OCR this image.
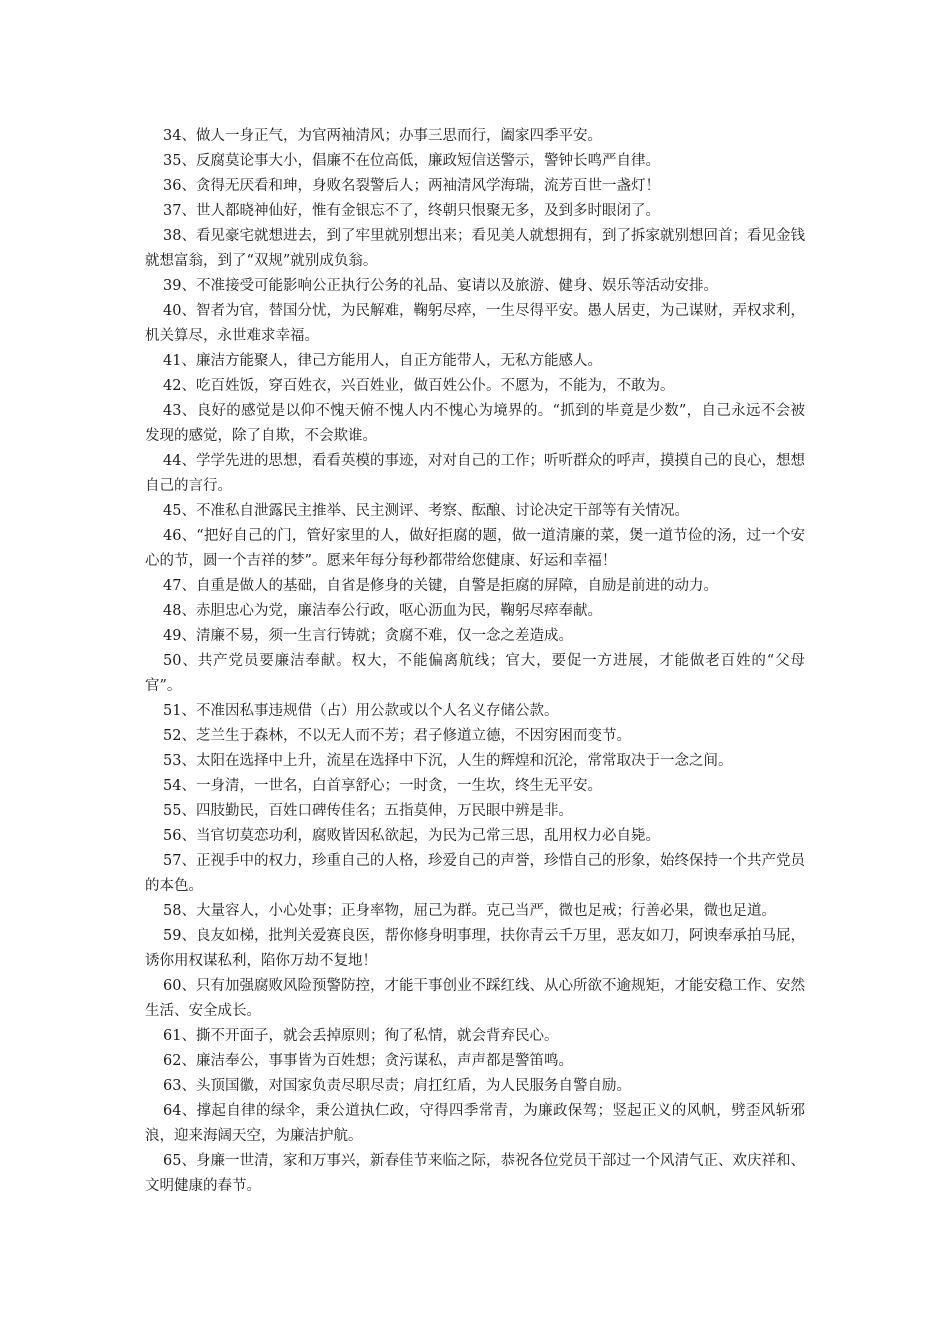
34、做人一身正气，为官两袖清风；办事三思而行，阖家四季平安。

35、反腐莫论事大小，倡廉不在位高低，廉政短信送警示，警钟长鸣严自律。

36、贪得无厌看和珅，身败名裂警后人；两袖清风学海瑞，流芳百世一盏灯！

37、世人都晓神仙好，惟有金银忘不了，终朝只恨聚无多，及到多时眼闭了。

38、看见豪宅就想进去，到了牢里就别想出来；看见美人就想拥有，到了拆家就别想回首；看见金钱就想富翁，到了“双规”就别成负翁。

39、不准接受可能影响公正执行公务的礼品、宴请以及旅游、健身、娱乐等活动安排。

40、智者为官，替国分忧，为民解难，鞠躬尽瘁，一生尽得平安。愚人居吏，为己谋财，弄权求利，机关算尽，永世难求幸福。

41、廉洁方能聚人，律己方能用人，自正方能带人，无私方能感人。

42、吃百姓饭，穿百姓衣，兴百姓业，做百姓公仆。不愿为，不能为，不敢为。

43、良好的感觉是以仰不愧天俯不愧人内不愧心为境界的。“抓到的毕竟是少数”，自己永远不会被发现的感觉，除了自欺，不会欺谁。

44、学学先进的思想，看看英模的事迹，对对自己的工作；听听群众的呼声，摸摸自己的良心，想想自己的言行。

45、不准私自泄露民主推举、民主测评、考察、酝酿、讨论决定干部等有关情况。

46、“把好自己的门，管好家里的人，做好拒腐的题，做一道清廉的菜，煲一道节俭的汤，过一个安心的节，圆一个吉祥的梦”。愿来年每分每秒都带给您健康、好运和幸福！

47、自重是做人的基础，自省是修身的关键，自警是拒腐的屏障，自励是前进的动力。

48、赤胆忠心为党，廉洁奉公行政，呕心沥血为民，鞠躬尽瘁奉献。

49、清廉不易，须一生言行铸就；贪腐不难，仅一念之差造成。

50、共产党员要廉洁奉献。权大，不能偏离航线；官大，要促一方进展，才能做老百姓的“父母官”。

51、不准因私事违规借（占）用公款或以个人名义存储公款。

52、芝兰生于森林，不以无人而不芳；君子修道立德，不因穷困而变节。

53、太阳在选择中上升，流星在选择中下沉，人生的辉煌和沉沦，常常取决于一念之间。

54、一身清，一世名，白首享舒心；一时贪，一生坎，终生无平安。

55、四肢勤民，百姓口碑传佳名；五指莫伸，万民眼中辨是非。

56、当官切莫恋功利，腐败皆因私欲起，为民为己常三思，乱用权力必自毙。

57、正视手中的权力，珍重自己的人格，珍爱自己的声誉，珍惜自己的形象，始终保持一个共产党员的本色。

58、大量容人，小心处事；正身率物，屈己为群。克己当严，微也足戒；行善必果，微也足道。

59、良友如梯，批判关爱赛良医，帮你修身明事理，扶你青云千万里，恶友如刀，阿谀奉承拍马屁，诱你用权谋私利，陷你万劫不复地！

60、只有加强腐败风险预警防控，才能干事创业不踩红线、从心所欲不逾规矩，才能安稳工作、安然生活、安全成长。

61、撕不开面子，就会丢掉原则；徇了私情，就会背弃民心。

62、廉洁奉公，事事皆为百姓想；贪污谋私，声声都是警笛鸣。

63、头顶国徽，对国家负责尽职尽责；肩扛红盾，为人民服务自警自励。

64、撑起自律的绿伞，秉公道执仁政，守得四季常青，为廉政保驾；竖起正义的风帆，劈歪风斩邪浪，迎来海阔天空，为廉洁护航。

65、身廉一世清，家和万事兴，新春佳节来临之际，恭祝各位党员干部过一个风清气正、欢庆祥和、文明健康的春节。
